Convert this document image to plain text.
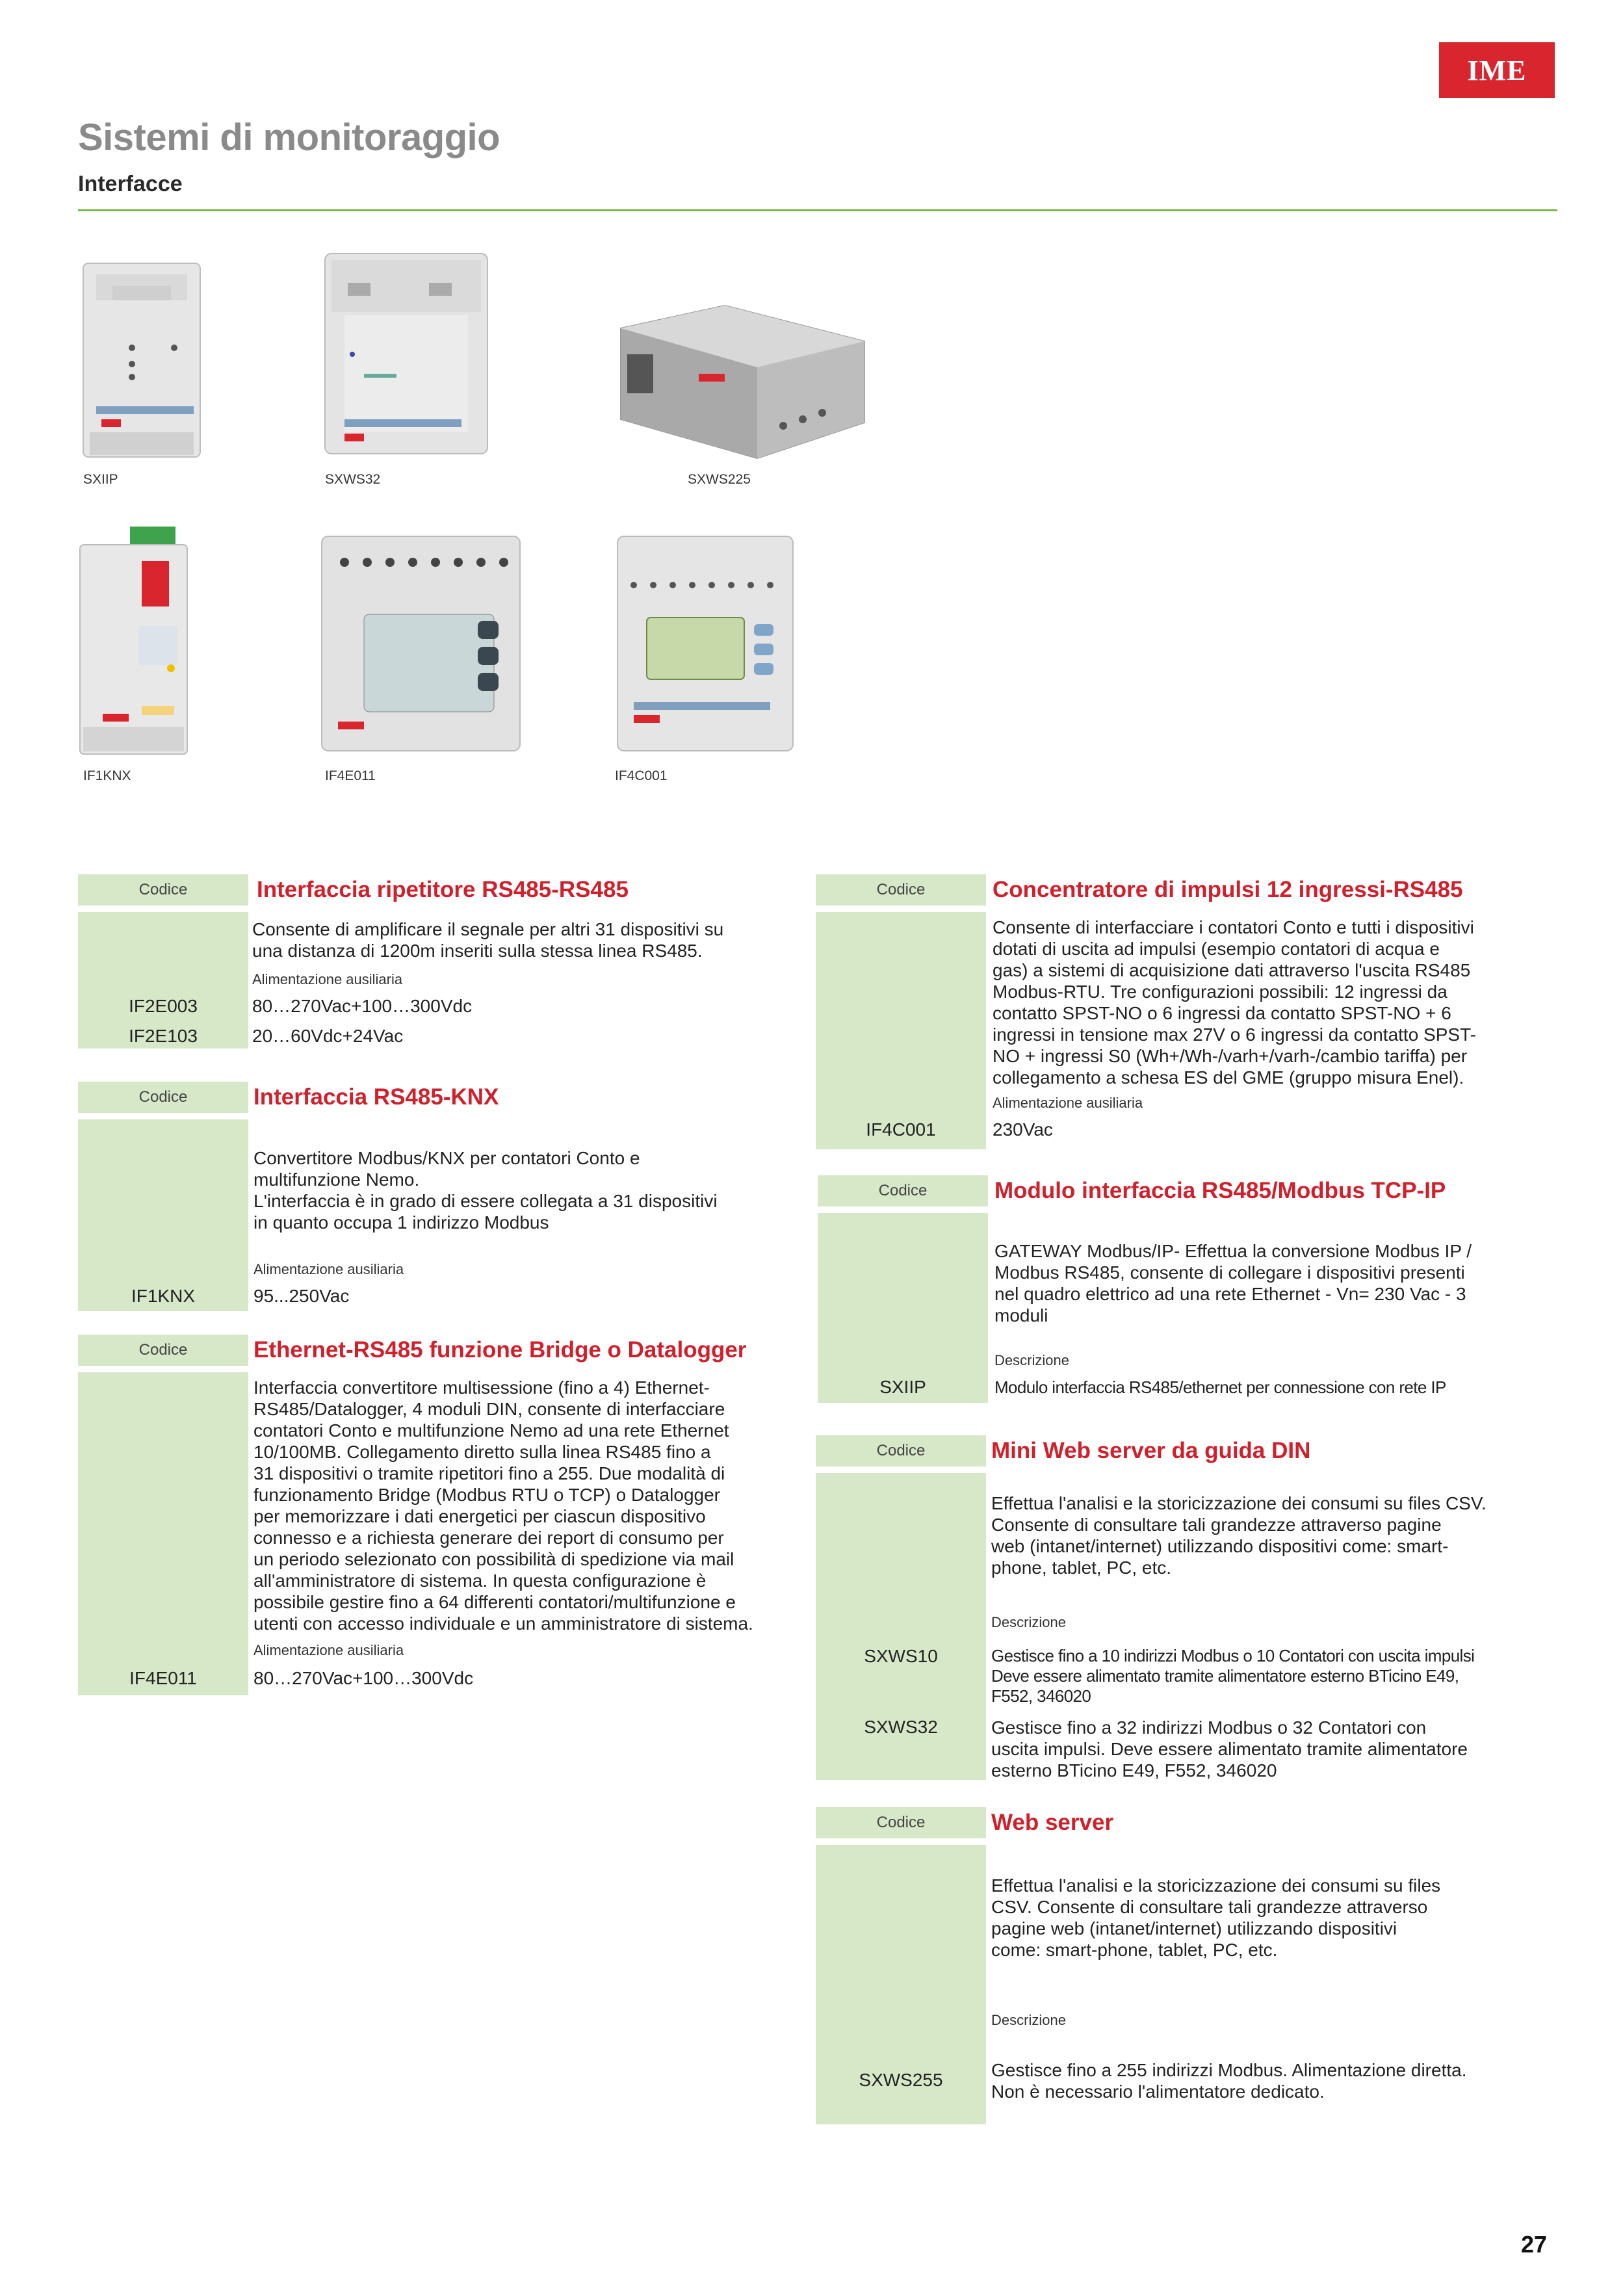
IME
Sistemi di monitoraggio
Interfacce
SXIIP	SXWS32	SXWS225
IF1KNX	IF4E011	IF4C001
Codice	Interfaccia ripetitore RS485-RS485
Consente di amplificare il segnale per altri 31 dispositivi su
una distanza di 1200m inseriti sulla stessa linea RS485.
Alimentazione ausiliaria
IF2E003	80…270Vac+100…300Vdc
IF2E103	20…60Vdc+24Vac
Codice	Interfaccia RS485-KNX
Convertitore Modbus/KNX per contatori Conto e
multifunzione Nemo.
L'interfaccia è in grado di essere collegata a 31 dispositivi
in quanto occupa 1 indirizzo Modbus
Alimentazione ausiliaria
IF1KNX	95...250Vac
Codice	Ethernet-RS485 funzione Bridge o Datalogger
Interfaccia convertitore multisessione (fino a 4) Ethernet-
RS485/Datalogger, 4 moduli DIN, consente di interfacciare
contatori Conto e multifunzione Nemo ad una rete Ethernet
10/100MB. Collegamento diretto sulla linea RS485 fino a
31 dispositivi o tramite ripetitori fino a 255. Due modalità di
funzionamento Bridge (Modbus RTU o TCP) o Datalogger
per memorizzare i dati energetici per ciascun dispositivo
connesso e a richiesta generare dei report di consumo per
un periodo selezionato con possibilità di spedizione via mail
all'amministratore di sistema. In questa configurazione è
possibile gestire fino a 64 differenti contatori/multifunzione e
utenti con accesso individuale e un amministratore di sistema.
Alimentazione ausiliaria
IF4E011	80…270Vac+100…300Vdc
Codice	Concentratore di impulsi 12 ingressi-RS485
Consente di interfacciare i contatori Conto e tutti i dispositivi
dotati di uscita ad impulsi (esempio contatori di acqua e
gas) a sistemi di acquisizione dati attraverso l'uscita RS485
Modbus-RTU. Tre configurazioni possibili: 12 ingressi da
contatto SPST-NO o 6 ingressi da contatto SPST-NO + 6
ingressi in tensione max 27V o 6 ingressi da contatto SPST-
NO + ingressi S0 (Wh+/Wh-/varh+/varh-/cambio tariffa) per
collegamento a schesa ES del GME (gruppo misura Enel).
Alimentazione ausiliaria
IF4C001	230Vac
Codice	Modulo interfaccia RS485/Modbus TCP-IP
GATEWAY Modbus/IP- Effettua la conversione Modbus IP /
Modbus RS485, consente di collegare i dispositivi presenti
nel quadro elettrico ad una rete Ethernet - Vn= 230 Vac - 3
moduli
Descrizione
SXIIP	Modulo interfaccia RS485/ethernet per connessione con rete IP
Codice	Mini Web server da guida DIN
Effettua l'analisi e la storicizzazione dei consumi su files CSV.
Consente di consultare tali grandezze attraverso pagine
web (intanet/internet) utilizzando dispositivi come: smart-
phone, tablet, PC, etc.
Descrizione
SXWS10	Gestisce fino a 10 indirizzi Modbus o 10 Contatori con uscita impulsi
Deve essere alimentato tramite alimentatore esterno BTicino E49,
F552, 346020
SXWS32	Gestisce fino a 32 indirizzi Modbus o 32 Contatori con
uscita impulsi. Deve essere alimentato tramite alimentatore
esterno BTicino E49, F552, 346020
Codice	Web server
Effettua l'analisi e la storicizzazione dei consumi su files
CSV. Consente di consultare tali grandezze attraverso
pagine web (intanet/internet) utilizzando dispositivi
come: smart-phone, tablet, PC, etc.
Descrizione
SXWS255	Gestisce fino a 255 indirizzi Modbus. Alimentazione diretta.
Non è necessario l'alimentatore dedicato.
27
